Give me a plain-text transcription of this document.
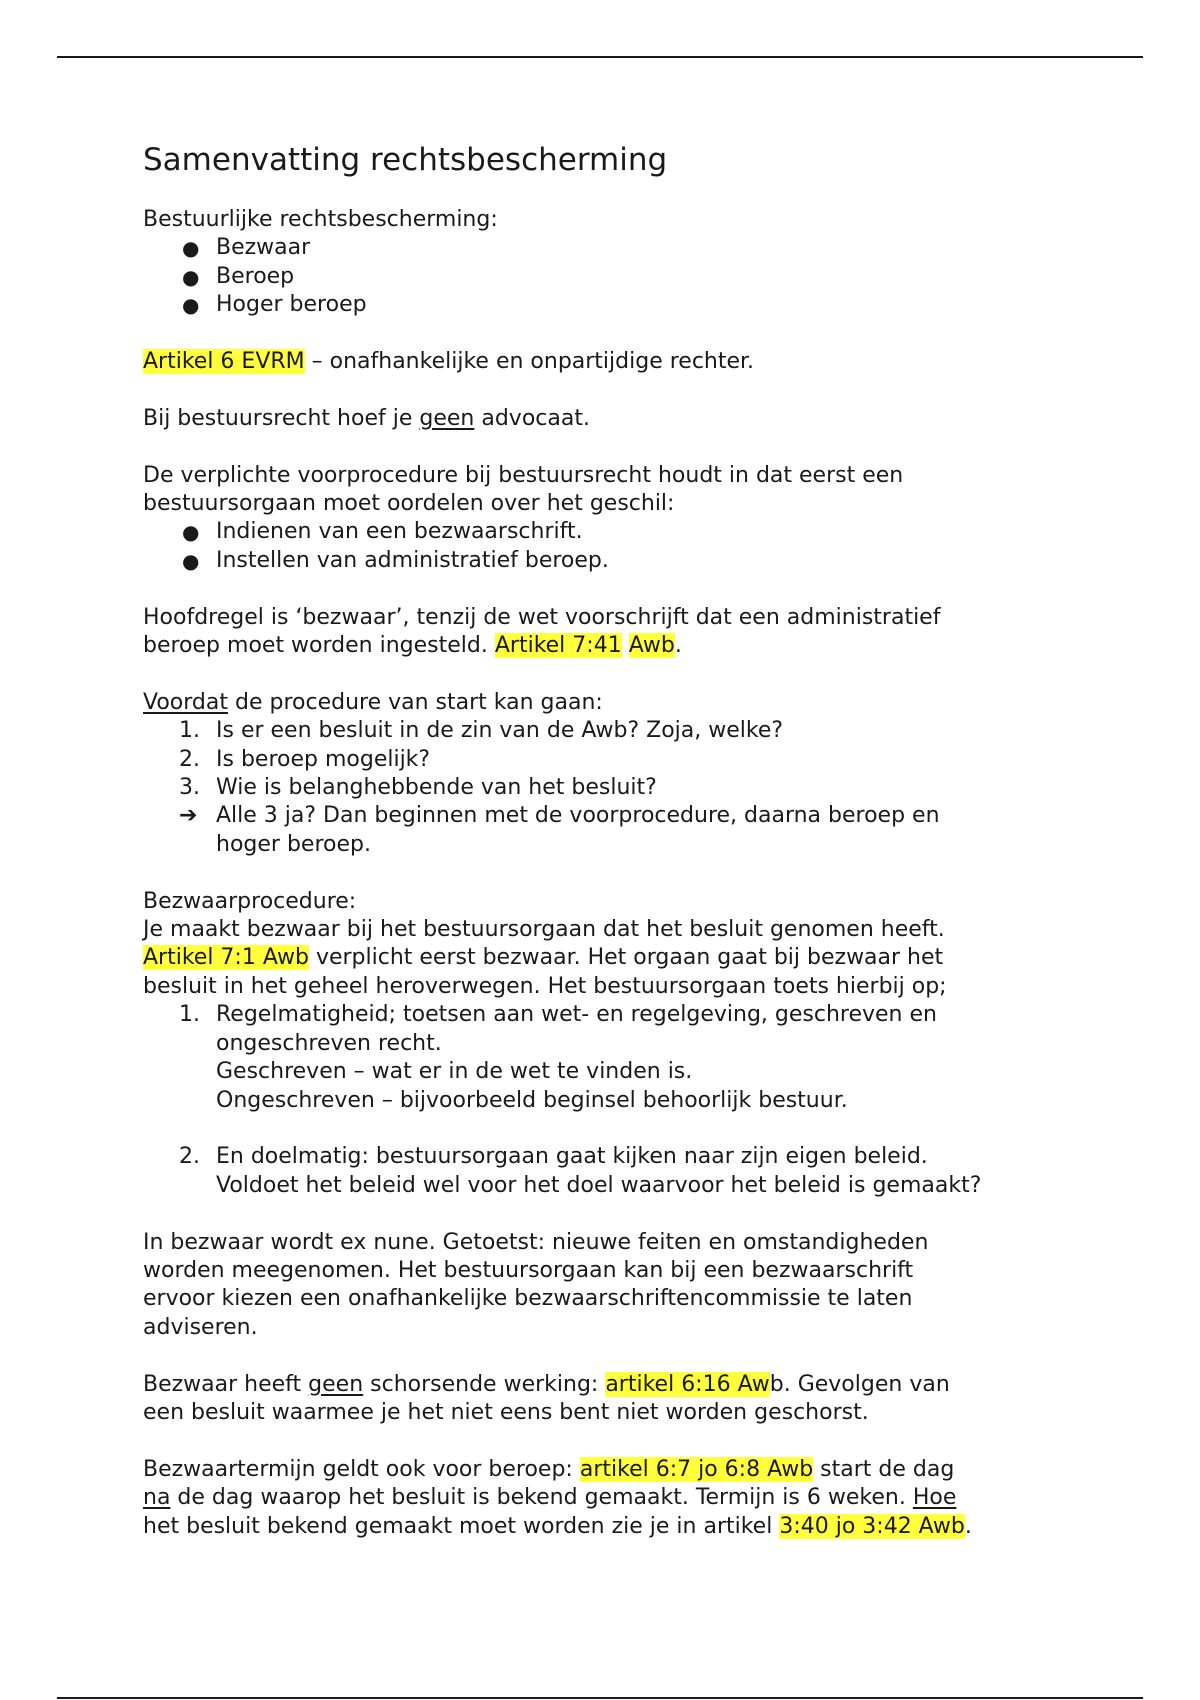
Samenvatting rechtsbescherming

Bestuurlijke rechtsbescherming:

● Bezwaar
● Beroep
● Hoger beroep

Artikel 6 EVRM – onafhankelijke en onpartijdige rechter.

Bij bestuursrecht hoef je geen advocaat.

De verplichte voorprocedure bij bestuursrecht houdt in dat eerst een
bestuursorgaan moet oordelen over het geschil:

● Indienen van een bezwaarschrift.
● Instellen van administratief beroep.

Hoofdregel is ‘bezwaar’, tenzij de wet voorschrijft dat een administratief
beroep moet worden ingesteld. Artikel 7:41 Awb.

Voordat de procedure van start kan gaan:

1. Is er een besluit in de zin van de Awb? Zoja, welke?
2. Is beroep mogelijk?
3. Wie is belanghebbende van het besluit?
➔ Alle 3 ja? Dan beginnen met de voorprocedure, daarna beroep en
hoger beroep.

Bezwaarprocedure:

Je maakt bezwaar bij het bestuursorgaan dat het besluit genomen heeft.
Artikel 7:1 Awb verplicht eerst bezwaar. Het orgaan gaat bij bezwaar het
besluit in het geheel heroverwegen. Het bestuursorgaan toets hierbij op;

1. Regelmatigheid; toetsen aan wet- en regelgeving, geschreven en
ongeschreven recht.
Geschreven – wat er in de wet te vinden is.
Ongeschreven – bijvoorbeeld beginsel behoorlijk bestuur.
2. En doelmatig: bestuursorgaan gaat kijken naar zijn eigen beleid.
Voldoet het beleid wel voor het doel waarvoor het beleid is gemaakt?

In bezwaar wordt ex nune. Getoetst: nieuwe feiten en omstandigheden
worden meegenomen. Het bestuursorgaan kan bij een bezwaarschrift
ervoor kiezen een onafhankelijke bezwaarschriftencommissie te laten
adviseren.

Bezwaar heeft geen schorsende werking: artikel 6:16 Awb. Gevolgen van
een besluit waarmee je het niet eens bent niet worden geschorst.

Bezwaartermijn geldt ook voor beroep: artikel 6:7 jo 6:8 Awb start de dag
na de dag waarop het besluit is bekend gemaakt. Termijn is 6 weken. Hoe
het besluit bekend gemaakt moet worden zie je in artikel 3:40 jo 3:42 Awb.
